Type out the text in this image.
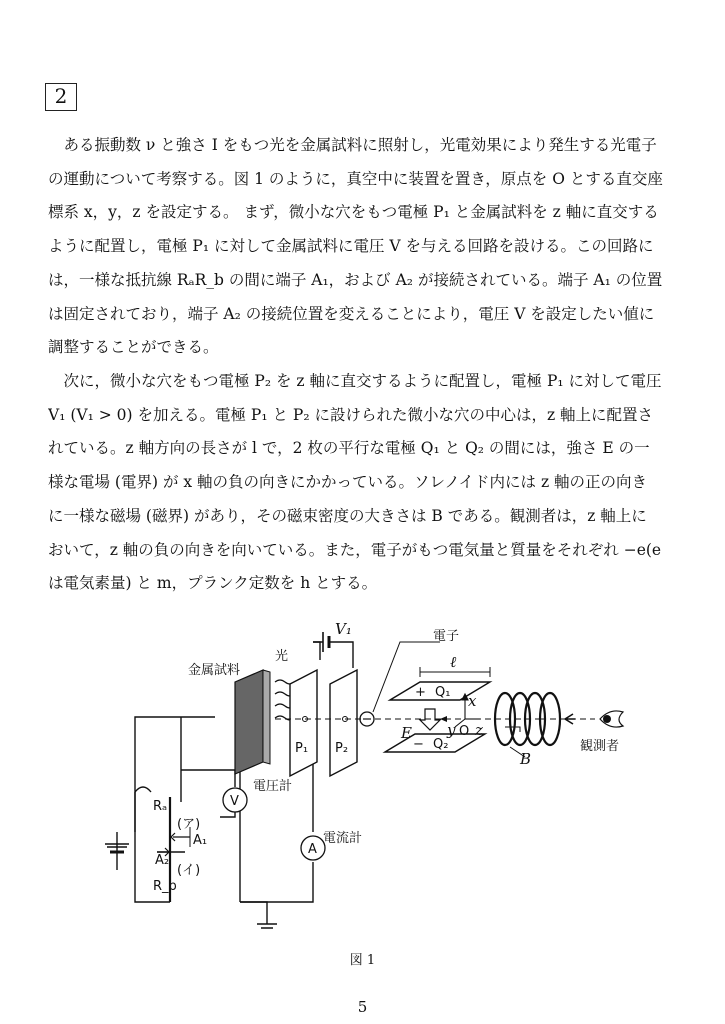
2
　ある振動数 ν と強さ I をもつ光を金属試料に照射し，光電効果により発生する光電子
の運動について考察する。図 1 のように，真空中に装置を置き，原点を O とする直交座
標系 x，y，z を設定する。 まず，微小な穴をもつ電極 P₁ と金属試料を z 軸に直交する
ように配置し，電極 P₁ に対して金属試料に電圧 V を与える回路を設ける。この回路に
は，一様な抵抗線 RₐR_b の間に端子 A₁，および A₂ が接続されている。端子 A₁ の位置
は固定されており，端子 A₂ の接続位置を変えることにより，電圧 V を設定したい値に
調整することができる。
　次に，微小な穴をもつ電極 P₂ を z 軸に直交するように配置し，電極 P₁ に対して電圧
V₁ (V₁ > 0) を加える。電極 P₁ と P₂ に設けられた微小な穴の中心は，z 軸上に配置さ
れている。z 軸方向の長さが l で，2 枚の平行な電極 Q₁ と Q₂ の間には，強さ E の一
様な電場 (電界) が x 軸の負の向きにかかっている。ソレノイド内には z 軸の正の向き
に一様な磁場 (磁界) があり，その磁束密度の大きさは B である。観測者は，z 軸上に
おいて，z 軸の負の向きを向いている。また，電子がもつ電気量と質量をそれぞれ −e(e
は電気素量) と m，プランク定数を h とする。
金属試料
光
電子
V₁
ℓ
P₁ P₂
+ Q₁
− Q₂
E
x
y z
O
B
観測者
電圧計
電流計
V
A
Rₐ
R_b
A₁
A₂
(ア)
(イ)
図 1
5
